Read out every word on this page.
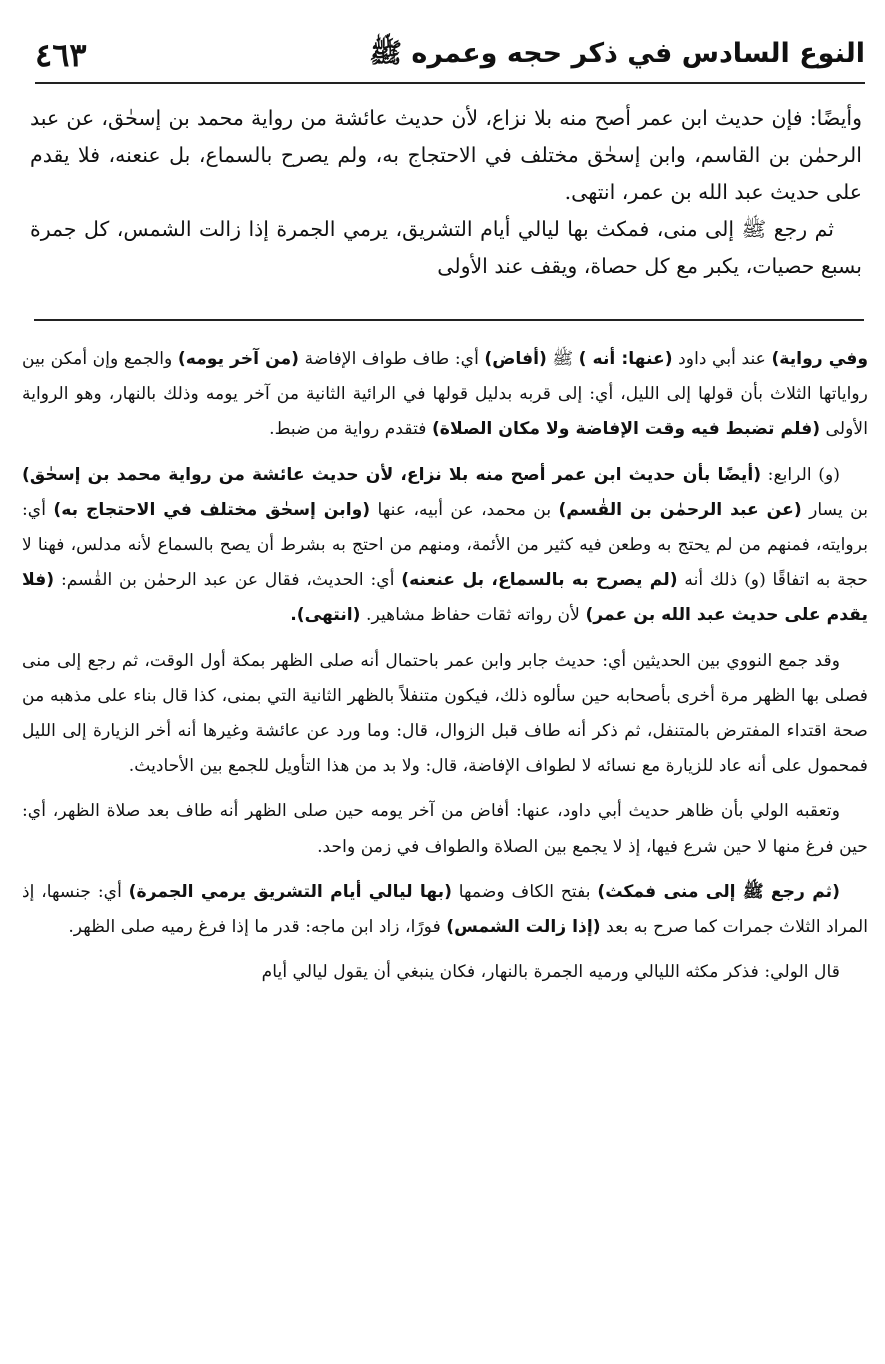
٤٦٣	النوع السادس في ذكر حجه وعمره ﷺ

وأيضًا: فإن حديث ابن عمر أصح منه بلا نزاع، لأن حديث عائشة من رواية محمد بن إسحٰق، عن عبد الرحمٰن بن القاسم، وابن إسحٰق مختلف في الاحتجاج به، ولم يصرح بالسماع، بل عنعنه، فلا يقدم على حديث عبد الله بن عمر، انتهى.

ثم رجع ﷺ إلى منى، فمكث بها ليالي أيام التشريق، يرمي الجمرة إذا زالت الشمس، كل جمرة بسبع حصيات، يكبر مع كل حصاة، ويقف عند الأولى

وفي رواية) عند أبي داود (عنها: أنه ) ﷺ (أفاض) أي: طاف طواف الإفاضة (من آخر يومه) والجمع وإن أمكن بين رواياتها الثلاث بأن قولها إلى الليل، أي: إلى قربه بدليل قولها في الرائية الثانية من آخر يومه وذلك بالنهار، وهو الرواية الأولى (فلم تضبط فيه وقت الإفاضة ولا مكان الصلاة) فتقدم رواية من ضبط.

(و) الرابع: (أيضًا بأن حديث ابن عمر أصح منه بلا نزاع، لأن حديث عائشة من رواية محمد بن إسحٰق) بن يسار (عن عبد الرحمٰن بن القٰسم) بن محمد، عن أبيه، عنها (وابن إسحٰق مختلف في الاحتجاج به) أي: بروايته، فمنهم من لم يحتج به وطعن فيه كثير من الأئمة، ومنهم من احتج به بشرط أن يصح بالسماع لأنه مدلس، فهنا لا حجة به اتفاقًا (و) ذلك أنه (لم يصرح به بالسماع، بل عنعنه) أي: الحديث، فقال عن عبد الرحمٰن بن القٰسم: (فلا يقدم على حديث عبد الله بن عمر) لأن رواته ثقات حفاظ مشاهير. (انتهى).

وقد جمع النووي بين الحديثين أي: حديث جابر وابن عمر باحتمال أنه صلى الظهر بمكة أول الوقت، ثم رجع إلى منى فصلى بها الظهر مرة أخرى بأصحابه حين سألوه ذلك، فيكون متنفلاً بالظهر الثانية التي بمنى، كذا قال بناء على مذهبه من صحة اقتداء المفترض بالمتنفل، ثم ذكر أنه طاف قبل الزوال، قال: وما ورد عن عائشة وغيرها أنه أخر الزيارة إلى الليل فمحمول على أنه عاد للزيارة مع نسائه لا لطواف الإفاضة، قال: ولا بد من هذا التأويل للجمع بين الأحاديث.

وتعقبه الولي بأن ظاهر حديث أبي داود، عنها: أفاض من آخر يومه حين صلى الظهر أنه طاف بعد صلاة الظهر، أي: حين فرغ منها لا حين شرع فيها، إذ لا يجمع بين الصلاة والطواف في زمن واحد.

(ثم رجع ﷺ إلى منى فمكث) بفتح الكاف وضمها (بها ليالي أيام التشريق يرمي الجمرة) أي: جنسها، إذ المراد الثلاث جمرات كما صرح به بعد (إذا زالت الشمس) فورًا، زاد ابن ماجه: قدر ما إذا فرغ رميه صلى الظهر.

قال الولي: فذكر مكثه الليالي ورميه الجمرة بالنهار، فكان ينبغي أن يقول ليالي أيام
